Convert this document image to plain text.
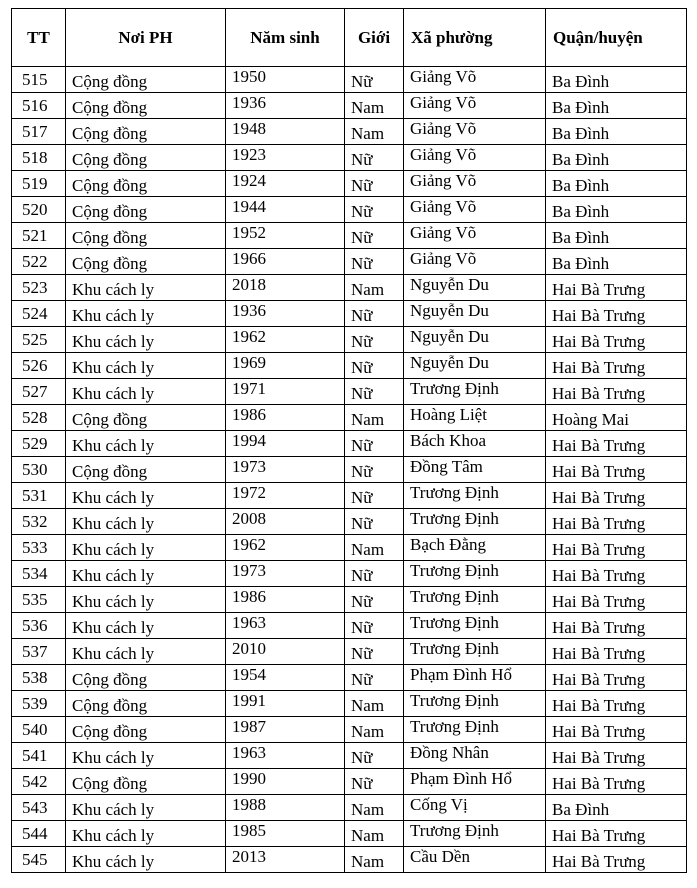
TT	Nơi PH	Năm sinh	Giới	Xã phường	Quận/huyện
515	Cộng đồng	1950	Nữ	Giảng Võ	Ba Đình
516	Cộng đồng	1936	Nam	Giảng Võ	Ba Đình
517	Cộng đồng	1948	Nam	Giảng Võ	Ba Đình
518	Cộng đồng	1923	Nữ	Giảng Võ	Ba Đình
519	Cộng đồng	1924	Nữ	Giảng Võ	Ba Đình
520	Cộng đồng	1944	Nữ	Giảng Võ	Ba Đình
521	Cộng đồng	1952	Nữ	Giảng Võ	Ba Đình
522	Cộng đồng	1966	Nữ	Giảng Võ	Ba Đình
523	Khu cách ly	2018	Nam	Nguyễn Du	Hai Bà Trưng
524	Khu cách ly	1936	Nữ	Nguyễn Du	Hai Bà Trưng
525	Khu cách ly	1962	Nữ	Nguyễn Du	Hai Bà Trưng
526	Khu cách ly	1969	Nữ	Nguyễn Du	Hai Bà Trưng
527	Khu cách ly	1971	Nữ	Trương Định	Hai Bà Trưng
528	Cộng đồng	1986	Nam	Hoàng Liệt	Hoàng Mai
529	Khu cách ly	1994	Nữ	Bách Khoa	Hai Bà Trưng
530	Cộng đồng	1973	Nữ	Đồng Tâm	Hai Bà Trưng
531	Khu cách ly	1972	Nữ	Trương Định	Hai Bà Trưng
532	Khu cách ly	2008	Nữ	Trương Định	Hai Bà Trưng
533	Khu cách ly	1962	Nam	Bạch Đằng	Hai Bà Trưng
534	Khu cách ly	1973	Nữ	Trương Định	Hai Bà Trưng
535	Khu cách ly	1986	Nữ	Trương Định	Hai Bà Trưng
536	Khu cách ly	1963	Nữ	Trương Định	Hai Bà Trưng
537	Khu cách ly	2010	Nữ	Trương Định	Hai Bà Trưng
538	Cộng đồng	1954	Nữ	Phạm Đình Hổ	Hai Bà Trưng
539	Cộng đồng	1991	Nam	Trương Định	Hai Bà Trưng
540	Cộng đồng	1987	Nam	Trương Định	Hai Bà Trưng
541	Khu cách ly	1963	Nữ	Đồng Nhân	Hai Bà Trưng
542	Cộng đồng	1990	Nữ	Phạm Đình Hổ	Hai Bà Trưng
543	Khu cách ly	1988	Nam	Cống Vị	Ba Đình
544	Khu cách ly	1985	Nam	Trương Định	Hai Bà Trưng
545	Khu cách ly	2013	Nam	Cầu Dền	Hai Bà Trưng
